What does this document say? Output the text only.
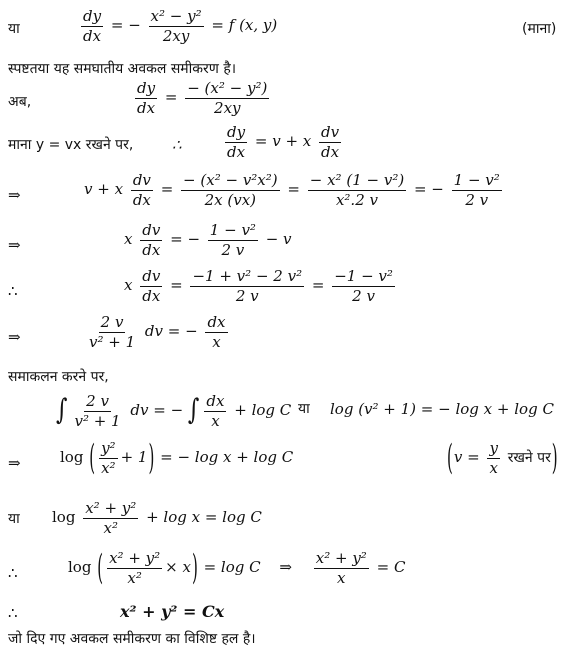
या	$\frac{dy}{dx}$ = − $\frac{\text{x² − y²}}{2xy} = f$ (x, y)	(माना)
स्पष्टतया यह समघातीय अवकल समीकरण है।
अब,	$\frac{dy}{dx} = \frac{\text{− (x² − y²)}}{2xy}$
माना y = vx रखने पर,	∴	$\frac{dy}{dx} = v + x \frac{dv}{dx}$
⇒	v + x $\frac{dv}{dx} = \frac{\text{− (x² − v²x²)}}{2x (vx)} = \frac{\text{− x² (1 − v²)}}{\text{x².2 v}}$ = − $\frac{\text{1 − v²}}{2 v}$
⇒	x $\frac{dv}{dx}$ = − $\frac{\text{1 − v²}}{2 v} - v$
∴	x $\frac{dv}{dx} = \frac{\text{−1 + v² − 2 v²}}{2 v} = \frac{\text{−1 − v²}}{2 v}$
⇒	$\frac{2 v}{\text{v² + 1}}$ dv = − $\frac{dx}{x}$
समाकलन करने पर,
∫ $\frac{2 v}{\text{v² + 1}}$ dv = − ∫ $\frac{dx}{x} + \log C$ या log (v² + 1) = − log x + log C
⇒	log ( $\frac{\text{y²}}{\text{x²}} + 1$) = − log x + log C	($v = \frac{y}{x}$ रखने पर)
या $\log \frac{\text{x² + y²}}{\text{x²}} + \log x = \log C$
∴	log ( $\frac{\text{x² + y²}}{\text{x²}} \times x) = \log C$ ⇒ $\frac{\text{x² + y²}}{x} = C$
∴	x² + y² = Cx
जो दिए गए अवकल समीकरण का विशिष्ट हल है।
